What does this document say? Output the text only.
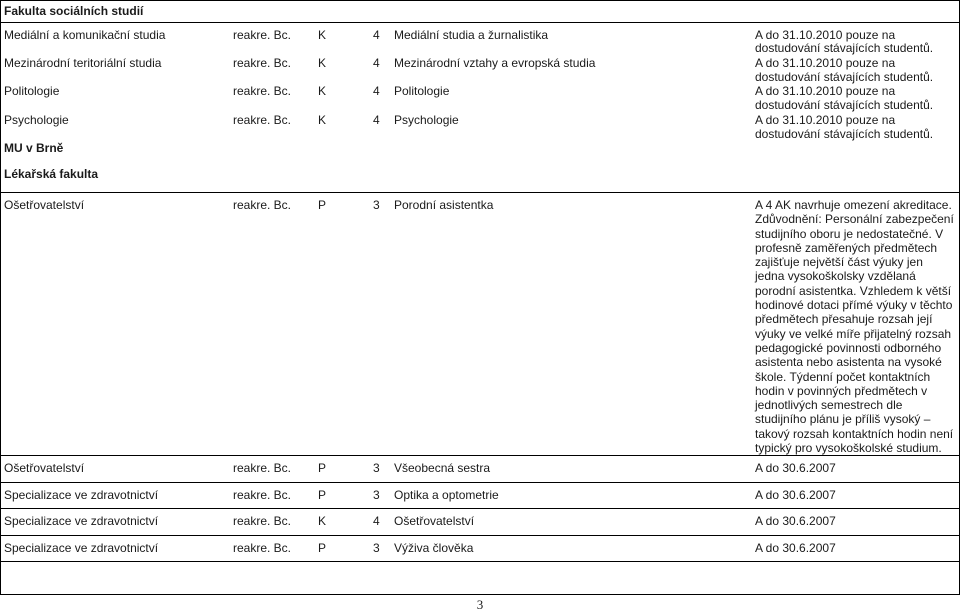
Fakulta sociálních studií
Mediální a komunikační studia	reakre. Bc. K	4 Mediální studia a žurnalistika	A do 31.10.2010 pouze na
dostudování stávajících studentů.
Mezinárodní teritoriální studia	reakre. Bc. K	4 Mezinárodní vztahy a evropská studia	A do 31.10.2010 pouze na
dostudování stávajících studentů.
Politologie	reakre. Bc. K	4 Politologie	A do 31.10.2010 pouze na
dostudování stávajících studentů.
Psychologie	reakre. Bc. K	4 Psychologie	A do 31.10.2010 pouze na
dostudování stávajících studentů.
MU v Brně
Lékařská fakulta
Ošetřovatelství	reakre. Bc. P	3 Porodní asistentka	A 4 AK navrhuje omezení akreditace. Zdůvodnění: Personální zabezpečení studijního oboru je nedostatečné. V profesně zaměřených předmětech zajišťuje největší část výuky jen jedna vysokoškolsky vzdělaná porodní asistentka. Vzhledem k větší hodinové dotaci přímé výuky v těchto předmětech přesahuje rozsah její výuky ve velké míře přijatelný rozsah pedagogické povinnosti odborného asistenta nebo asistenta na vysoké škole. Týdenní počet kontaktních hodin v povinných předmětech v jednotlivých semestrech dle studijního plánu je příliš vysoký – takový rozsah kontaktních hodin není typický pro vysokoškolské studium.
Ošetřovatelství	reakre. Bc. P	3 Všeobecná sestra	A do 30.6.2007
Specializace ve zdravotnictví	reakre. Bc. P	3 Optika a optometrie	A do 30.6.2007
Specializace ve zdravotnictví	reakre. Bc. K	4 Ošetřovatelství	A do 30.6.2007
Specializace ve zdravotnictví	reakre. Bc. P	3 Výživa člověka	A do 30.6.2007
3
